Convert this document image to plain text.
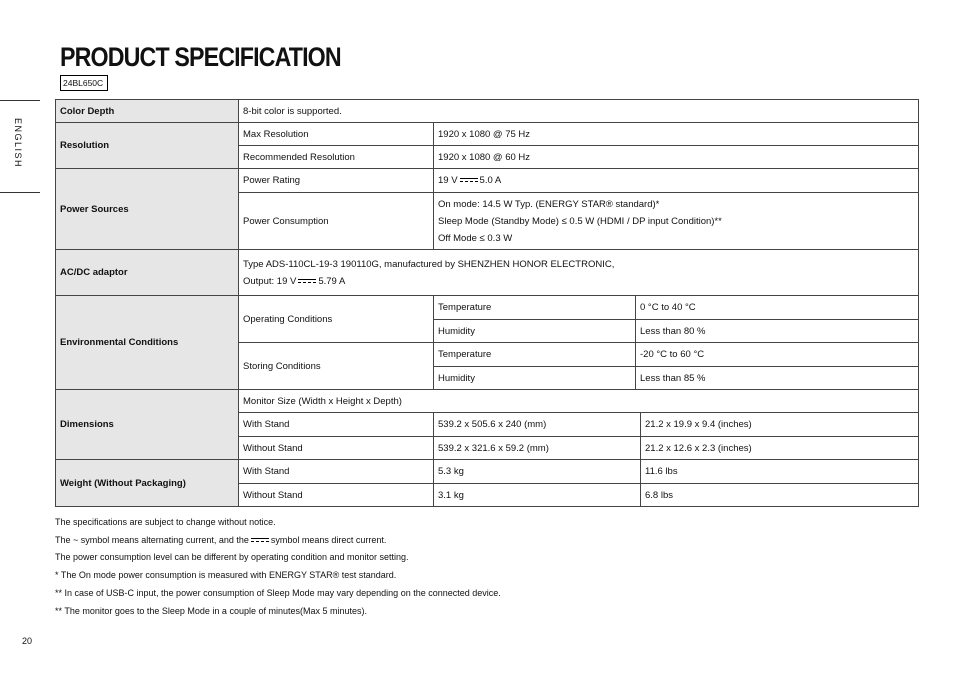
PRODUCT SPECIFICATION
24BL650C
ENGLISH
Color Depth	8-bit color is supported.			
Resolution	Max Resolution	1920 x 1080 @ 75 Hz		
	Recommended Resolution	1920 x 1080 @ 60 Hz		
Power Sources	Power Rating	19 V 5.0 A		
	Power Consumption	On mode: 14.5 W Typ. (ENERGY STAR® standard)*
Sleep Mode (Standby Mode) ≤ 0.5 W (HDMI / DP input Condition)**
Off Mode ≤ 0.3 W		

AC/DC adaptor	Type ADS-110CL-19-3 190110G, manufactured by SHENZHEN HONOR ELECTRONIC,
Output: 19 V 5.79 A			

Environmental Conditions	Operating Conditions	Temperature	0 °C to 40 °C	
		Humidity	Less than 80 %	
	Storing Conditions	Temperature	-20 °C to 60 °C	
		Humidity	Less than 85 %	
Dimensions	Monitor Size (Width x Height x Depth)			
	With Stand	539.2 x 505.6 x 240 (mm)		21.2 x 19.9 x 9.4 (inches)
	Without Stand	539.2 x 321.6 x 59.2 (mm)		21.2 x 12.6 x 2.3 (inches)
Weight (Without Packaging)	With Stand	5.3 kg		11.6 lbs
	Without Stand	3.1 kg		6.8 lbs
The specifications are subject to change without notice.
The ~ symbol means alternating current, and the symbol means direct current.
The power consumption level can be different by operating condition and monitor setting.
* The On mode power consumption is measured with ENERGY STAR® test standard.
** In case of USB-C input, the power consumption of Sleep Mode may vary depending on the connected device.
** The monitor goes to the Sleep Mode in a couple of minutes(Max 5 minutes).
20
